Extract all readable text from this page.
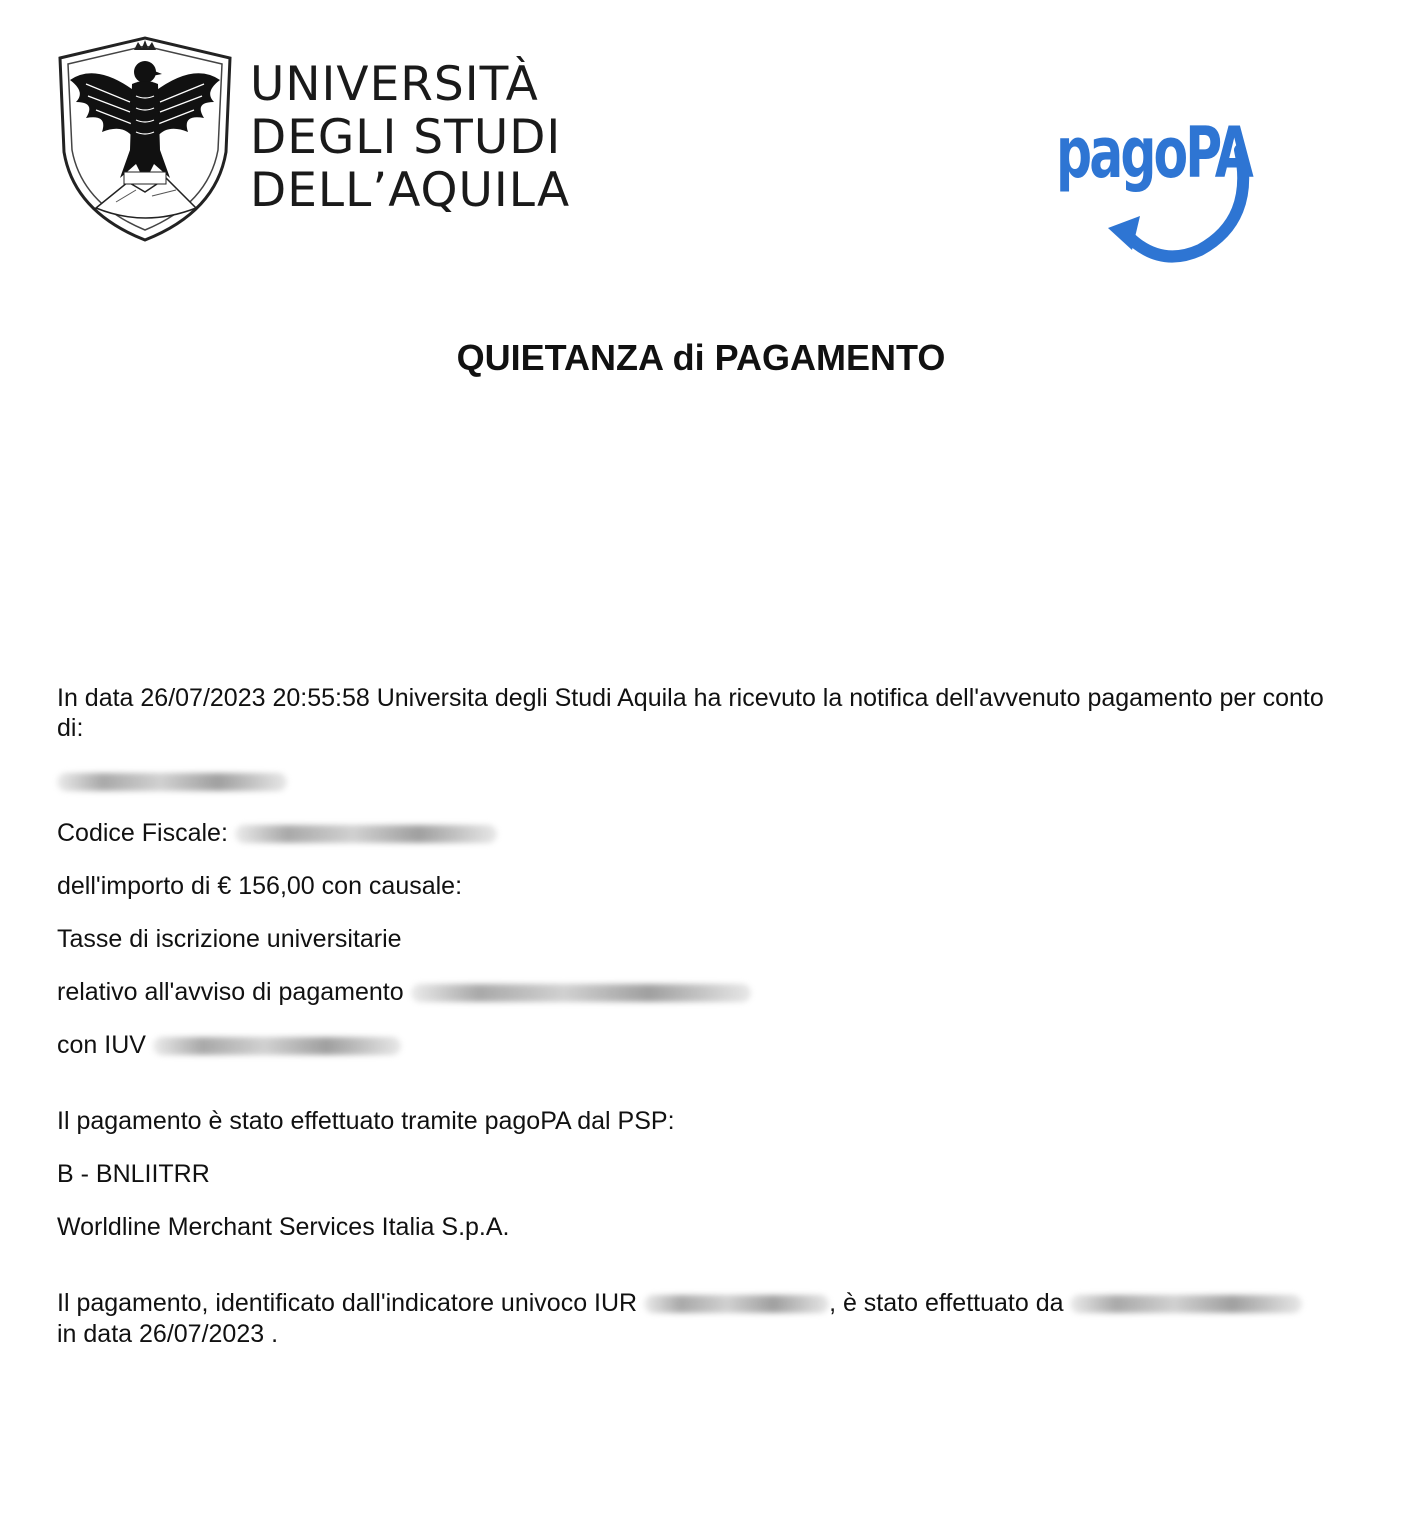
UNIVERSITÀ
DEGLI STUDI
DELL’AQUILA	pagoPA
QUIETANZA di PAGAMENTO
In data 26/07/2023 20:55:58 Universita degli Studi Aquila ha ricevuto la notifica dell'avvenuto pagamento per conto di:
Codice Fiscale:
dell'importo di € 156,00 con causale:
Tasse di iscrizione universitarie
relativo all'avviso di pagamento
con IUV
Il pagamento è stato effettuato tramite pagoPA dal PSP:
B - BNLIITRR
Worldline Merchant Services Italia S.p.A.
Il pagamento, identificato dall'indicatore univoco IUR	, è stato effettuato da
in data 26/07/2023 .
